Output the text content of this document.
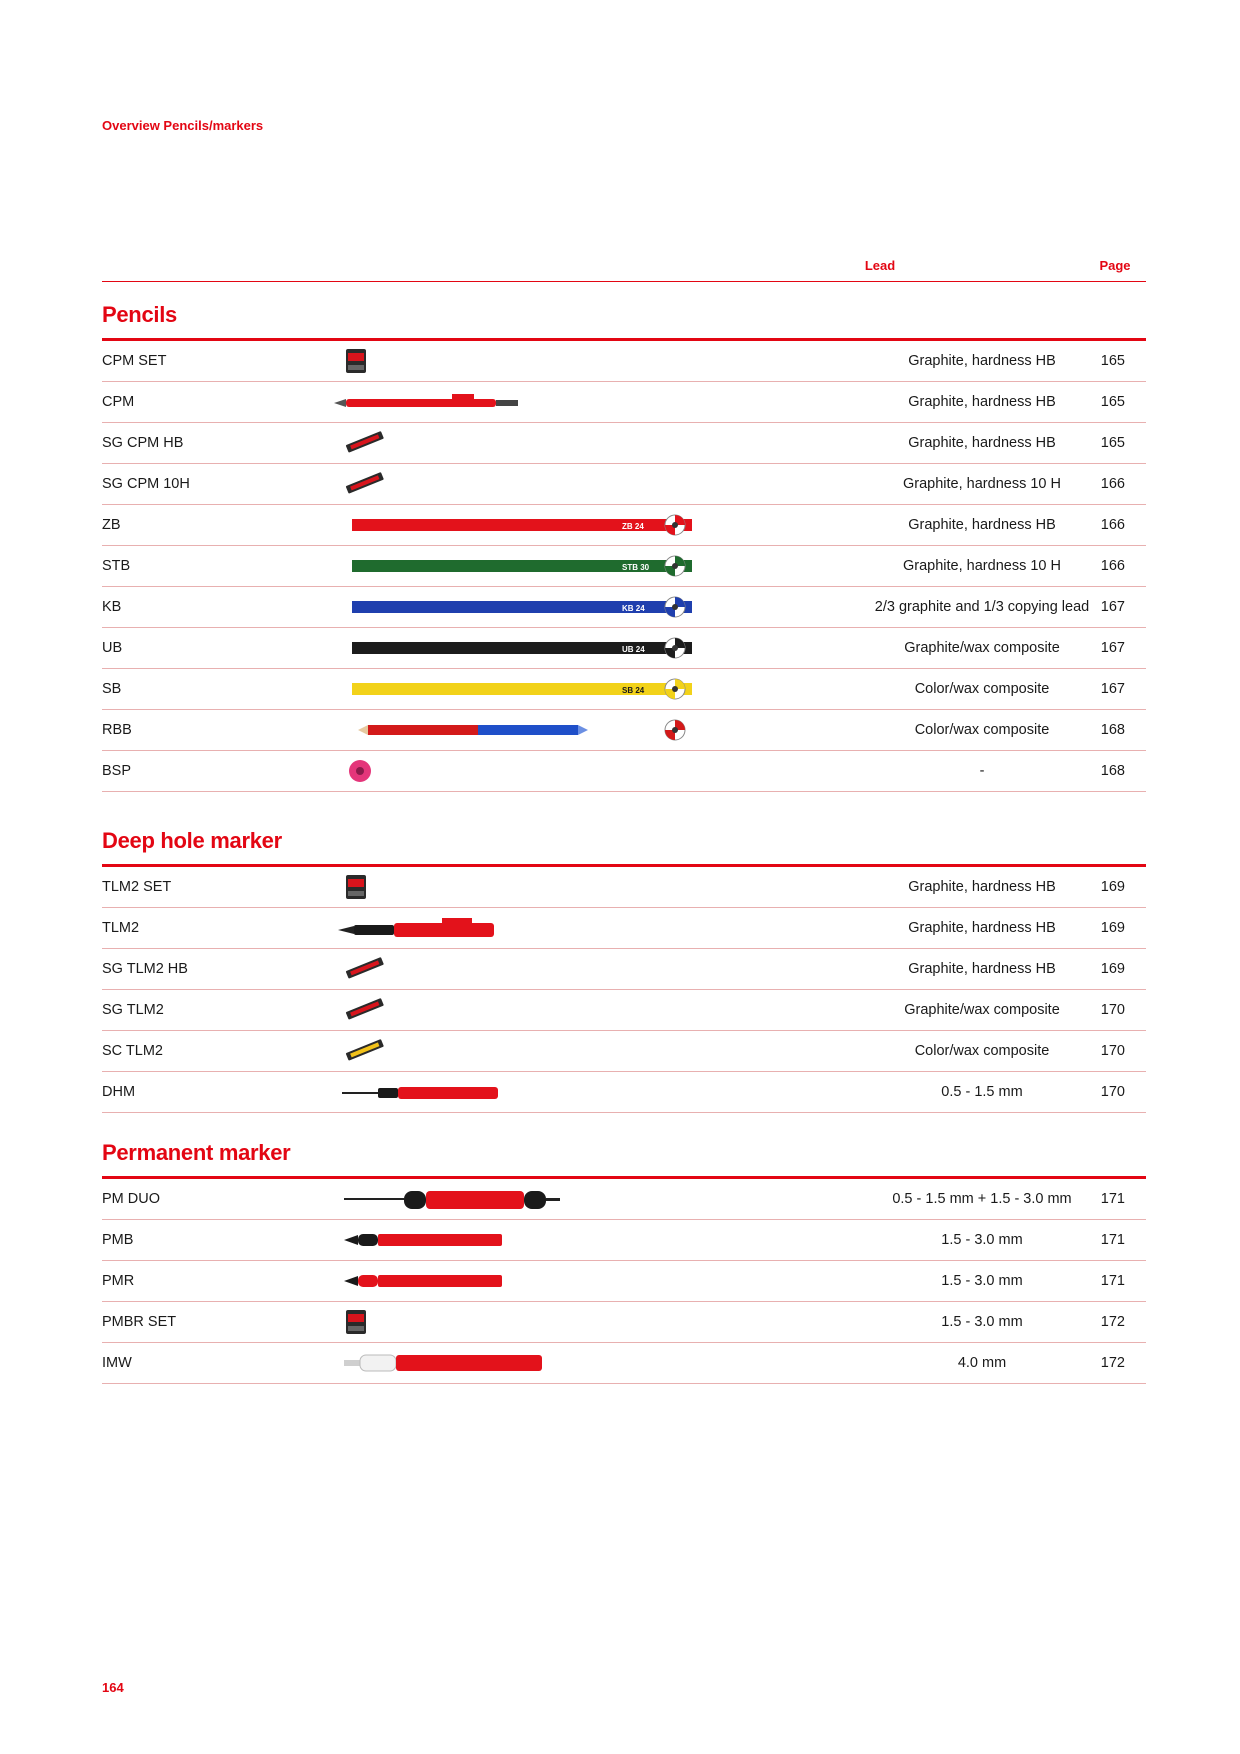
Overview Pencils/markers
Lead	Page
Pencils
CPM SET	Graphite, hardness HB	165
CPM	Graphite, hardness HB	165
SG CPM HB	Graphite, hardness HB	165
SG CPM 10H	Graphite, hardness 10 H	166
ZB	ZB 24	Graphite, hardness HB	166
STB	STB 30	Graphite, hardness 10 H	166
KB	KB 24	2/3 graphite and 1/3 copying lead 167
UB	UB 24	Graphite/wax composite	167
SB	SB 24	Color/wax composite	167
RBB	Color/wax composite	168
BSP	-	168
Deep hole marker
TLM2 SET	Graphite, hardness HB	169
TLM2	Graphite, hardness HB	169
SG TLM2 HB	Graphite, hardness HB	169
SG TLM2	Graphite/wax composite	170
SC TLM2	Color/wax composite	170
DHM	0.5 - 1.5 mm	170
Permanent marker
PM DUO	0.5 - 1.5 mm + 1.5 - 3.0 mm	171
PMB	1.5 - 3.0 mm	171
PMR	1.5 - 3.0 mm	171
PMBR SET	1.5 - 3.0 mm	172
IMW	4.0 mm	172
164
